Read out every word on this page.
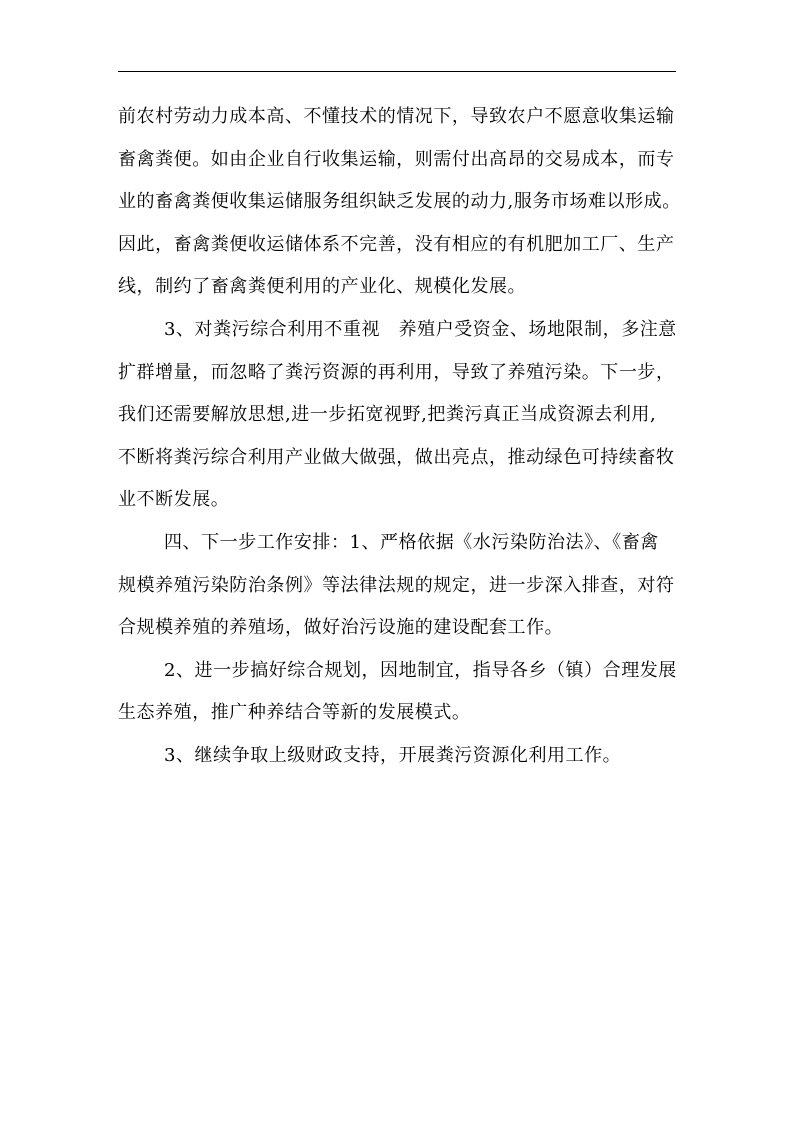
前农村劳动力成本高、不懂技术的情况下，导致农户不愿意收集运输
畜禽粪便。如由企业自行收集运输，则需付出高昂的交易成本，而专
业的畜禽粪便收集运储服务组织缺乏发展的动力,服务市场难以形成。
因此，畜禽粪便收运储体系不完善，没有相应的有机肥加工厂、生产
线，制约了畜禽粪便利用的产业化、规模化发展。
3、对粪污综合利用不重视　养殖户受资金、场地限制，多注意
扩群增量，而忽略了粪污资源的再利用，导致了养殖污染。下一步，
我们还需要解放思想,进一步拓宽视野,把粪污真正当成资源去利用,
不断将粪污综合利用产业做大做强，做出亮点，推动绿色可持续畜牧
业不断发展。
四、下一步工作安排：1、严格依据《水污染防治法》、《畜禽
规模养殖污染防治条例》等法律法规的规定，进一步深入排查，对符
合规模养殖的养殖场，做好治污设施的建设配套工作。
2、进一步搞好综合规划，因地制宜，指导各乡（镇）合理发展
生态养殖，推广种养结合等新的发展模式。
3、继续争取上级财政支持，开展粪污资源化利用工作。
